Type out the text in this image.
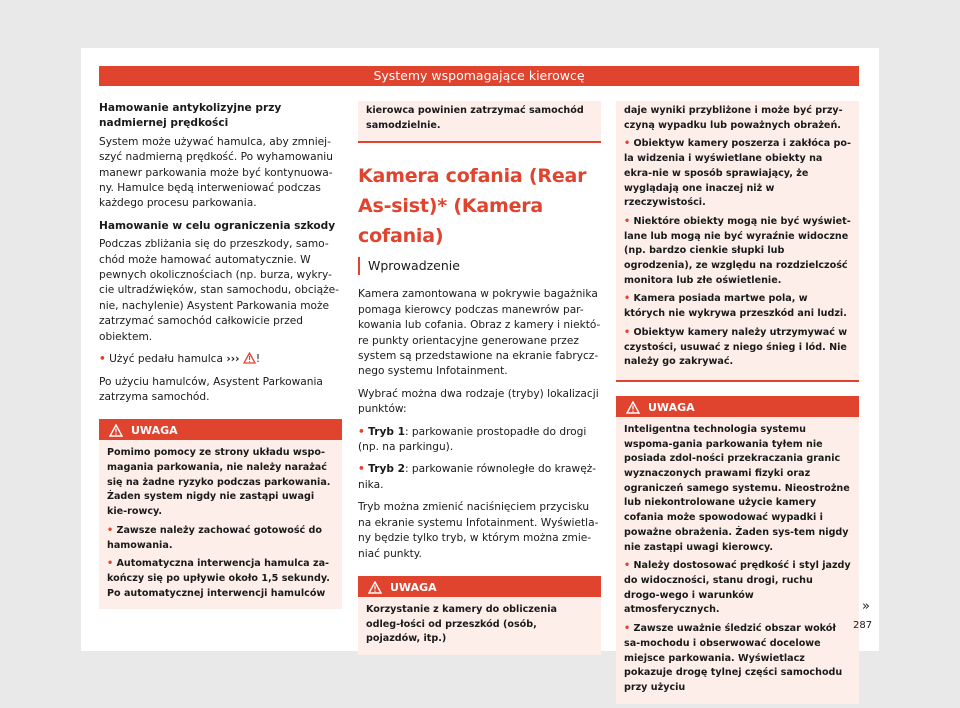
Systemy wspomagające kierowcę

Hamowanie antykolizyjne przy nadmiernej prędkości

System może używać hamulca, aby zmniej-szyć nadmierną prędkość. Po wyhamowaniu manewr parkowania może być kontynuowa-ny. Hamulce będą interweniować podczas każdego procesu parkowania.

Hamowanie w celu ograniczenia szkody

Podczas zbliżania się do przeszkody, samo-chód może hamować automatycznie. W pewnych okolicznościach (np. burza, wykry-cie ultradźwięków, stan samochodu, obciąże-nie, nachylenie) Asystent Parkowania może zatrzymać samochód całkowicie przed obiektem.

• Użyć pedału hamulca ››› !

Po użyciu hamulców, Asystent Parkowania zatrzyma samochód.

UWAGA

Pomimo pomocy ze strony układu wspo-magania parkowania, nie należy narażać się na żadne ryzyko podczas parkowania. Żaden system nigdy nie zastąpi uwagi kie-rowcy.

• Zawsze należy zachować gotowość do hamowania.

• Automatyczna interwencja hamulca za-kończy się po upływie około 1,5 sekundy. Po automatycznej interwencji hamulców

kierowca powinien zatrzymać samochód samodzielnie.
Kamera cofania (Rear As-sist)* (Kamera cofania)
Wprowadzenie

Kamera zamontowana w pokrywie bagażnika pomaga kierowcy podczas manewrów par-kowania lub cofania. Obraz z kamery i niektó-re punkty orientacyjne generowane przez system są przedstawione na ekranie fabrycz-nego systemu Infotainment.

Wybrać można dwa rodzaje (tryby) lokalizacji punktów:

• Tryb 1: parkowanie prostopadłe do drogi (np. na parkingu).

• Tryb 2: parkowanie równoległe do krawęż-nika.

Tryb można zmienić naciśnięciem przycisku na ekranie systemu Infotainment. Wyświetla-ny będzie tylko tryb, w którym można zmie-niać punkty.

UWAGA

Korzystanie z kamery do obliczenia odleg-łości od przeszkód (osób, pojazdów, itp.)

daje wyniki przybliżone i może być przy-czyną wypadku lub poważnych obrażeń.

• Obiektyw kamery poszerza i zakłóca po-la widzenia i wyświetlane obiekty na ekra-nie w sposób sprawiający, że wyglądają one inaczej niż w rzeczywistości.

• Niektóre obiekty mogą nie być wyświet-lane lub mogą nie być wyraźnie widoczne (np. bardzo cienkie słupki lub ogrodzenia), ze względu na rozdzielczość monitora lub złe oświetlenie.

• Kamera posiada martwe pola, w których nie wykrywa przeszkód ani ludzi.

• Obiektyw kamery należy utrzymywać w czystości, usuwać z niego śnieg i lód. Nie należy go zakrywać.

UWAGA

Inteligentna technologia systemu wspoma-gania parkowania tyłem nie posiada zdol-ności przekraczania granic wyznaczonych prawami fizyki oraz ograniczeń samego systemu. Nieostrożne lub niekontrolowane użycie kamery cofania może spowodować wypadki i poważne obrażenia. Żaden sys-tem nigdy nie zastąpi uwagi kierowcy.

• Należy dostosować prędkość i styl jazdy do widoczności, stanu drogi, ruchu drogo-wego i warunków atmosferycznych.

• Zawsze uważnie śledzić obszar wokół sa-mochodu i obserwować docelowe miejsce parkowania. Wyświetlacz pokazuje drogę tylnej części samochodu przy użyciu

»
287
